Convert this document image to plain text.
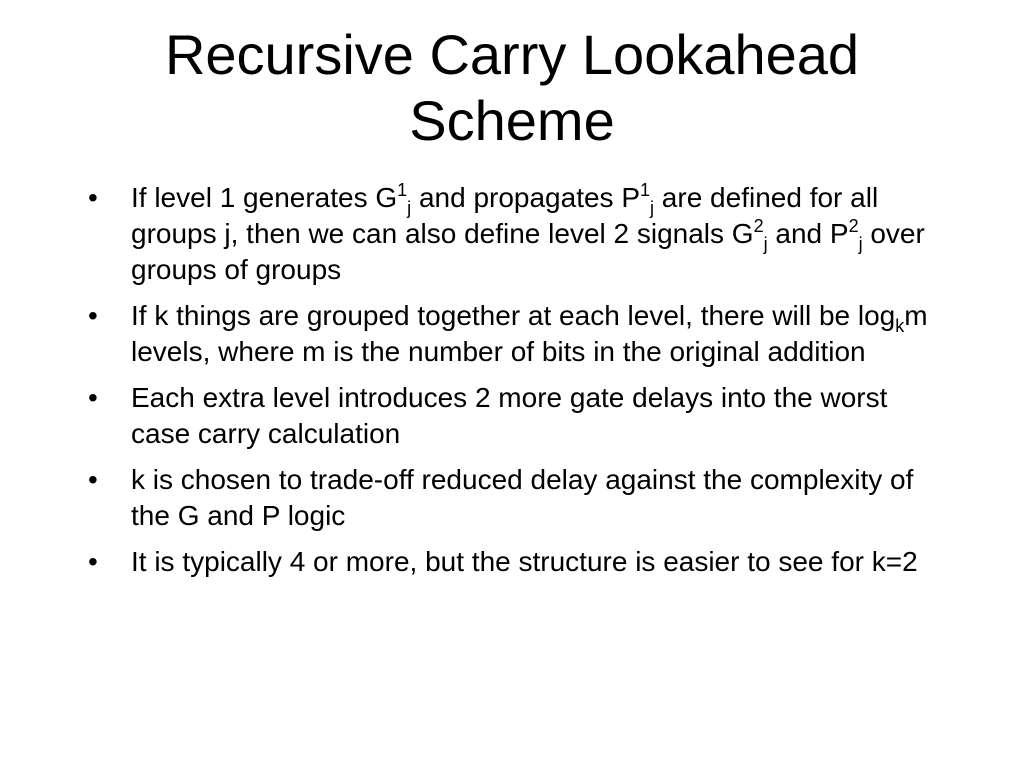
Recursive Carry Lookahead
Scheme
•	If level 1 generates $G^1_j$ and propagates $P^1_j$ are defined for all groups j, then we can also define level 2 signals $G^2_j$ and $P^2_j$ over groups of groups
•	If k things are grouped together at each level, there will be $\log_km$ levels, where m is the number of bits in the original addition
•	Each extra level introduces 2 more gate delays into the worst case carry calculation
•	k is chosen to trade-off reduced delay against the complexity of the G and P logic
•	It is typically 4 or more, but the structure is easier to see for k=2
